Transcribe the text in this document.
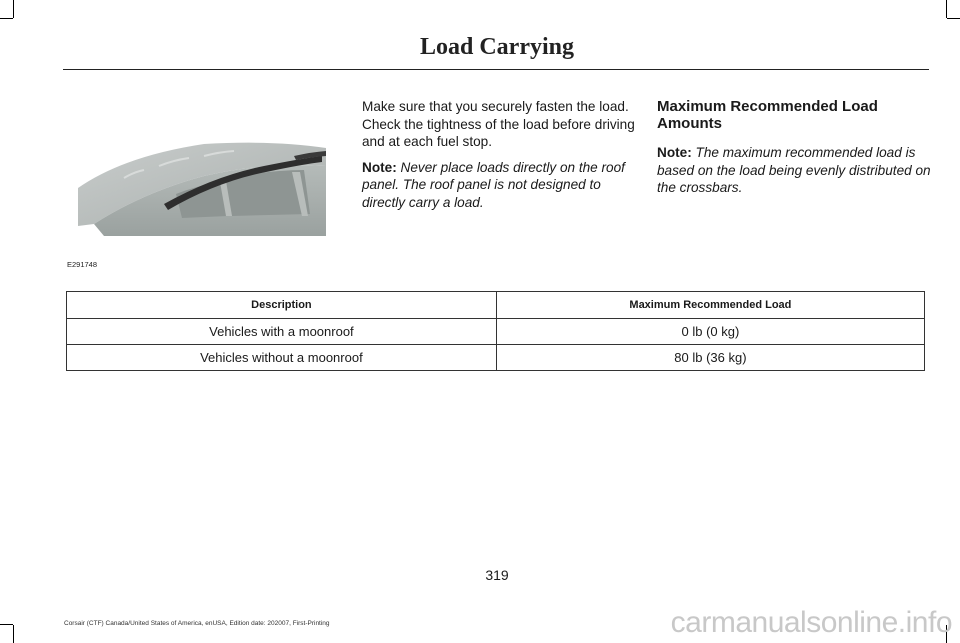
Load Carrying
E291748

Make sure that you securely fasten the load. Check the tightness of the load before driving and at each fuel stop.

Note: Never place loads directly on the roof panel. The roof panel is not designed to directly carry a load.

Maximum Recommended Load Amounts

Note: The maximum recommended load is based on the load being evenly distributed on the crossbars.

Description	Maximum Recommended Load
Vehicles with a moonroof	0 lb (0 kg)
Vehicles without a moonroof	80 lb (36 kg)
319
Corsair (CTF) Canada/United States of America, enUSA, Edition date: 202007, First-Printing	carmanualsonline.info
